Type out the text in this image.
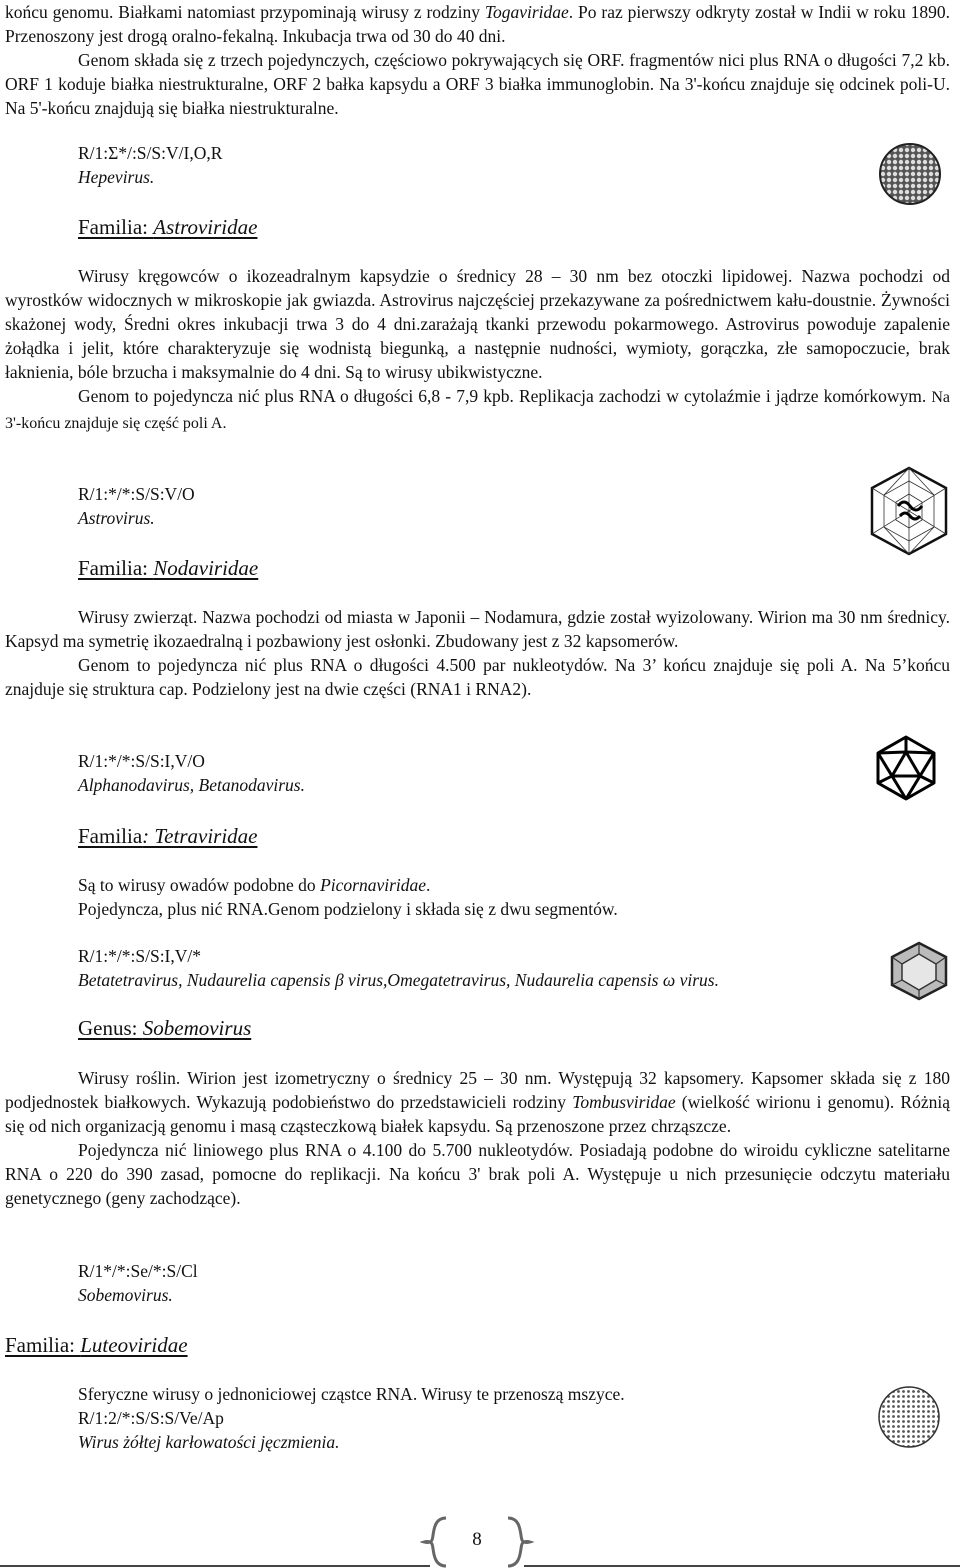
końcu genomu. Białkami natomiast przypominają wirusy z rodziny Togaviridae. Po raz pierwszy odkryty został w Indii w roku 1890. Przenoszony jest drogą oralno-fekalną. Inkubacja trwa od 30 do 40 dni.

Genom składa się z trzech pojedynczych, częściowo pokrywających się ORF. fragmentów nici plus RNA o długości 7,2 kb. ORF 1 koduje białka niestrukturalne, ORF 2 bałka kapsydu a ORF 3 białka immunoglobin. Na 3'-końcu znajduje się odcinek poli-U. Na 5'-końcu znajdują się białka niestrukturalne.

R/1:Σ*/:S/S:V/I,O,R
Hepevirus.
Familia: Astroviridae

Wirusy kręgowców o ikozeadralnym kapsydzie o średnicy 28 – 30 nm bez otoczki lipidowej. Nazwa pochodzi od wyrostków widocznych w mikroskopie jak gwiazda. Astrovirus najczęściej przekazywane za pośrednictwem kału-doustnie. Żywności skażonej wody, Średni okres inkubacji trwa 3 do 4 dni.zarażają tkanki przewodu pokarmowego. Astrovirus powoduje zapalenie żołądka i jelit, które charakteryzuje się wodnistą biegunką, a następnie nudności, wymioty, gorączka, złe samopoczucie, brak łaknienia, bóle brzucha i maksymalnie do 4 dni. Są to wirusy ubikwistyczne.

Genom to pojedyncza nić plus RNA o długości 6,8 - 7,9 kpb. Replikacja zachodzi w cytolaźmie i jądrze komórkowym. Na 3'-końcu znajduje się część poli A.

R/1:*/*:S/S:V/O
Astrovirus.
Familia: Nodaviridae

Wirusy zwierząt. Nazwa pochodzi od miasta w Japonii – Nodamura, gdzie został wyizolowany. Wirion ma 30 nm średnicy. Kapsyd ma symetrię ikozaedralną i pozbawiony jest osłonki. Zbudowany jest z 32 kapsomerów.

Genom to pojedyncza nić plus RNA o długości 4.500 par nukleotydów. Na 3’ końcu znajduje się poli A. Na 5’końcu znajduje się struktura cap. Podzielony jest na dwie części (RNA1 i RNA2).

R/1:*/*:S/S:I,V/O
Alphanodavirus, Betanodavirus.
Familia: Tetraviridae

Są to wirusy owadów podobne do Picornaviridae.

Pojedyncza, plus nić RNA.Genom podzielony i składa się z dwu segmentów.

R/1:*/*:S/S:I,V/*
Betatetravirus, Nudaurelia capensis β virus,Omegatetravirus, Nudaurelia capensis ω virus.
Genus: Sobemovirus

Wirusy roślin. Wirion jest izometryczny o średnicy 25 – 30 nm. Występują 32 kapsomery. Kapsomer składa się z 180 podjednostek białkowych. Wykazują podobieństwo do przedstawicieli rodziny Tombusviridae (wielkość wirionu i genomu). Różnią się od nich organizacją genomu i masą cząsteczkową białek kapsydu. Są przenoszone przez chrząszcze.

Pojedyncza nić liniowego plus RNA o 4.100 do 5.700 nukleotydów. Posiadają podobne do wiroidu cykliczne satelitarne RNA o 220 do 390 zasad, pomocne do replikacji. Na końcu 3' brak poli A. Występuje u nich przesunięcie odczytu materiału genetycznego (geny zachodzące).

R/1*/*:Se/*:S/Cl
Sobemovirus.
Familia: Luteoviridae

Sferyczne wirusy o jednoniciowej cząstce RNA. Wirusy te przenoszą mszyce.

R/1:2/*:S/S:S/Ve/Ap
Wirus żółtej karłowatości jęczmienia.
8
